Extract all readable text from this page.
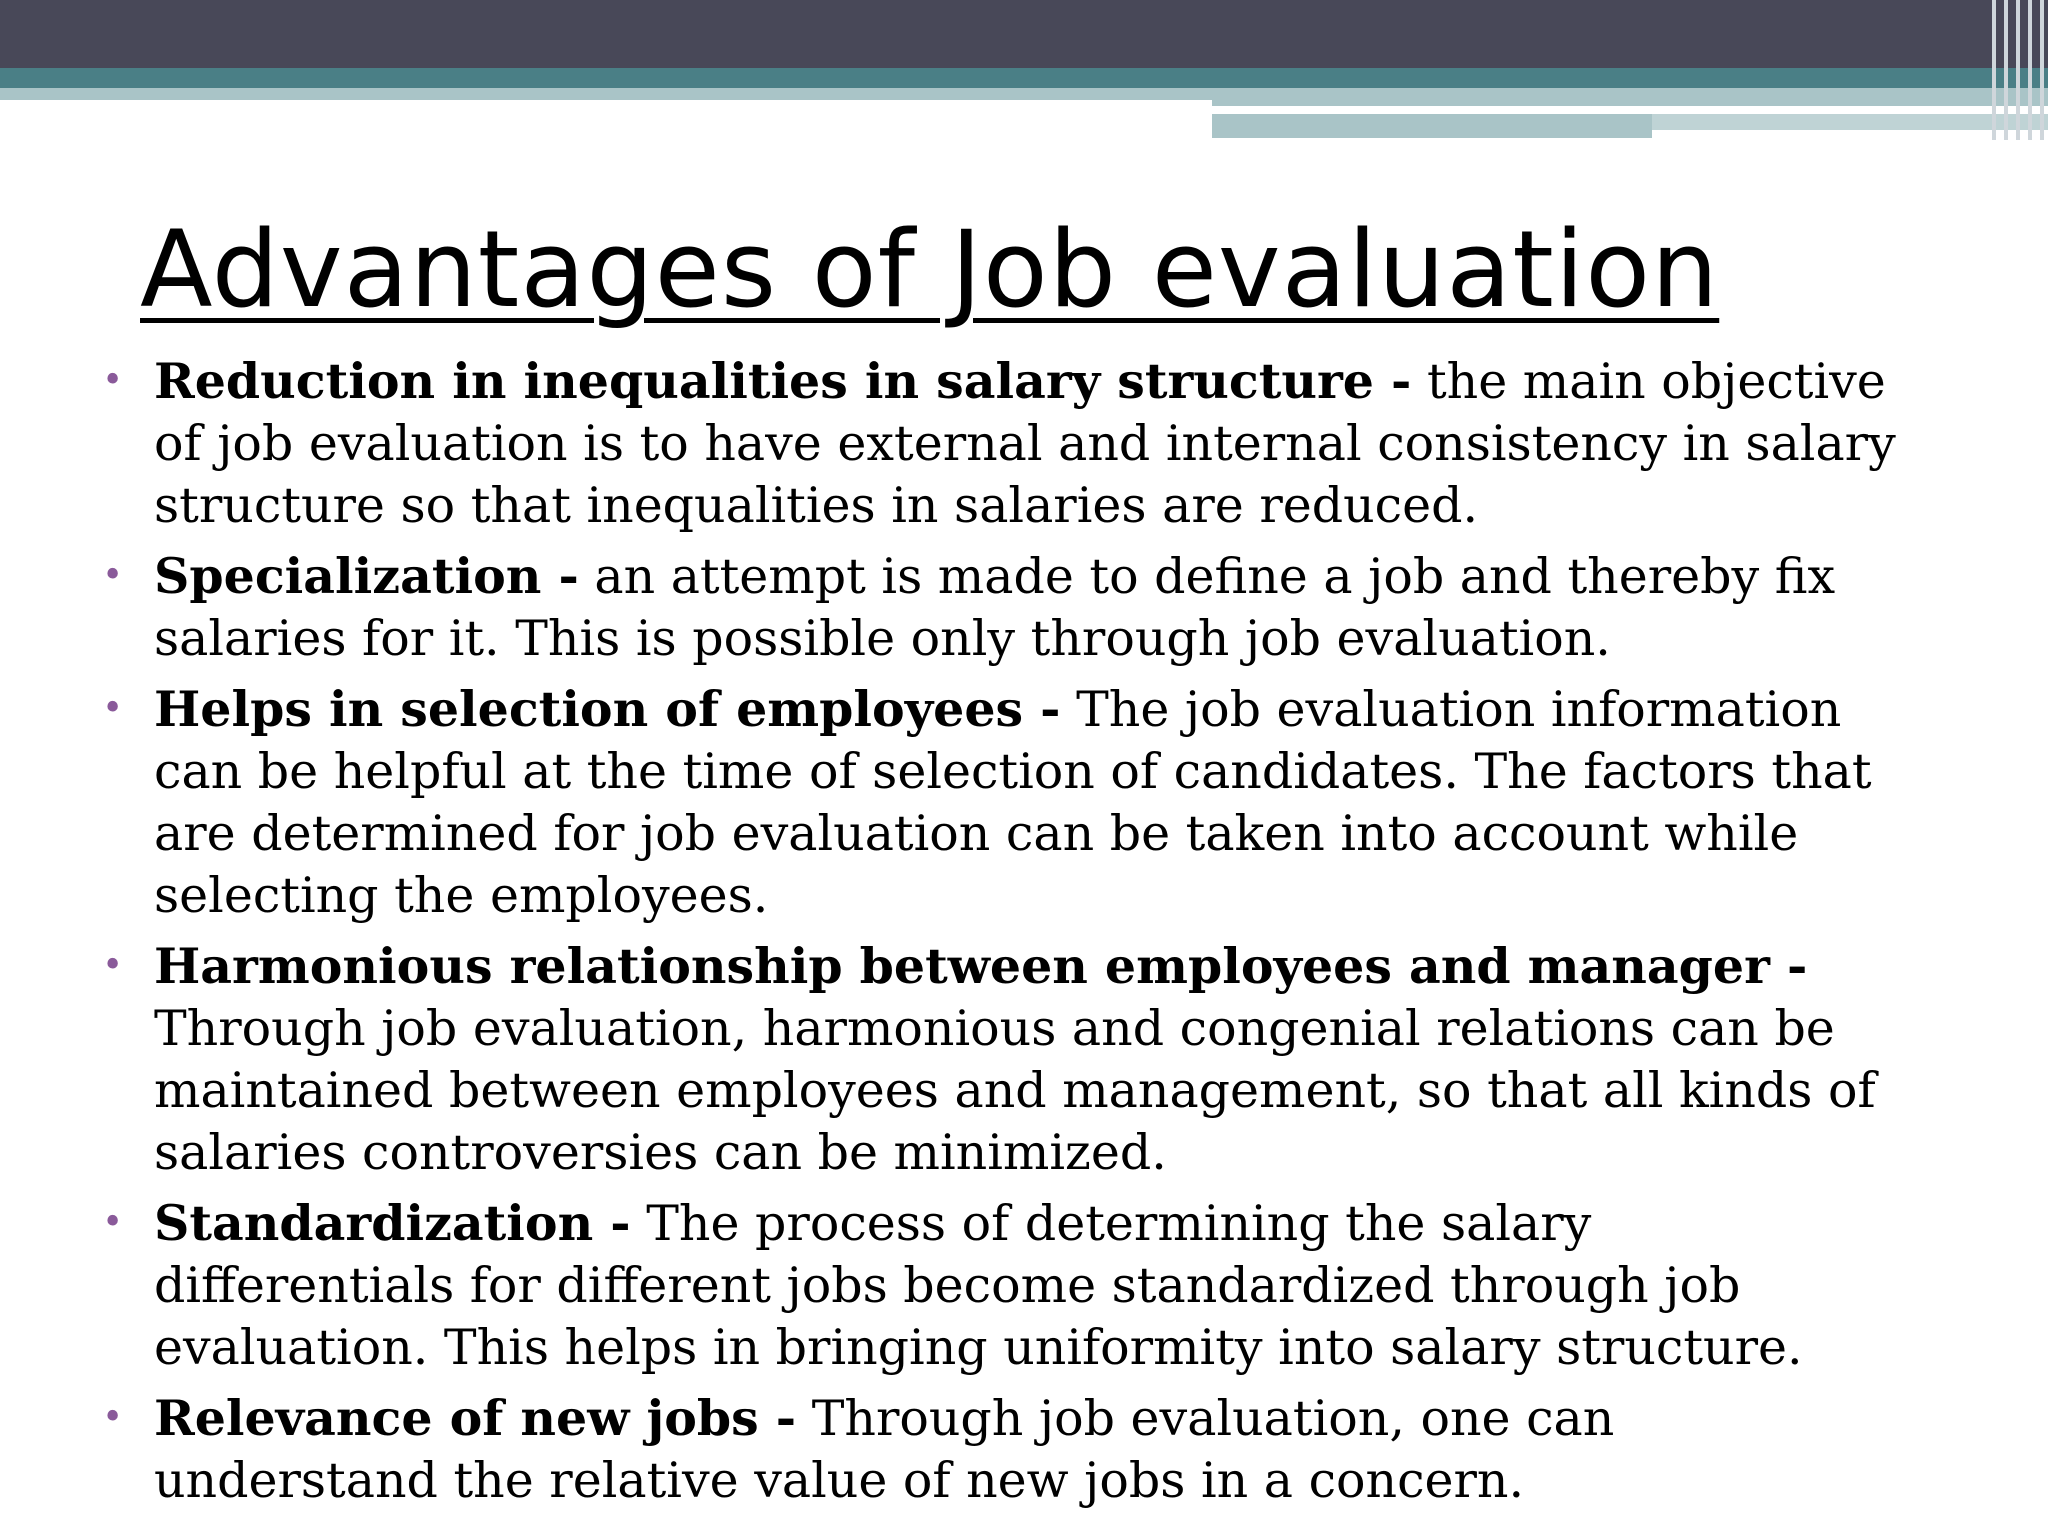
Advantages of Job evaluation
• Reduction in inequalities in salary structure - the main objective of job evaluation is to have external and internal consistency in salary structure so that inequalities in salaries are reduced.
• Specialization - an attempt is made to define a job and thereby fix salaries for it. This is possible only through job evaluation.
• Helps in selection of employees - The job evaluation information can be helpful at the time of selection of candidates. The factors that are determined for job evaluation can be taken into account while selecting the employees.
• Harmonious relationship between employees and manager - Through job evaluation, harmonious and congenial relations can be maintained between employees and management, so that all kinds of salaries controversies can be minimized.
• Standardization - The process of determining the salary differentials for different jobs become standardized through job evaluation. This helps in bringing uniformity into salary structure.
• Relevance of new jobs - Through job evaluation, one can understand the relative value of new jobs in a concern.
